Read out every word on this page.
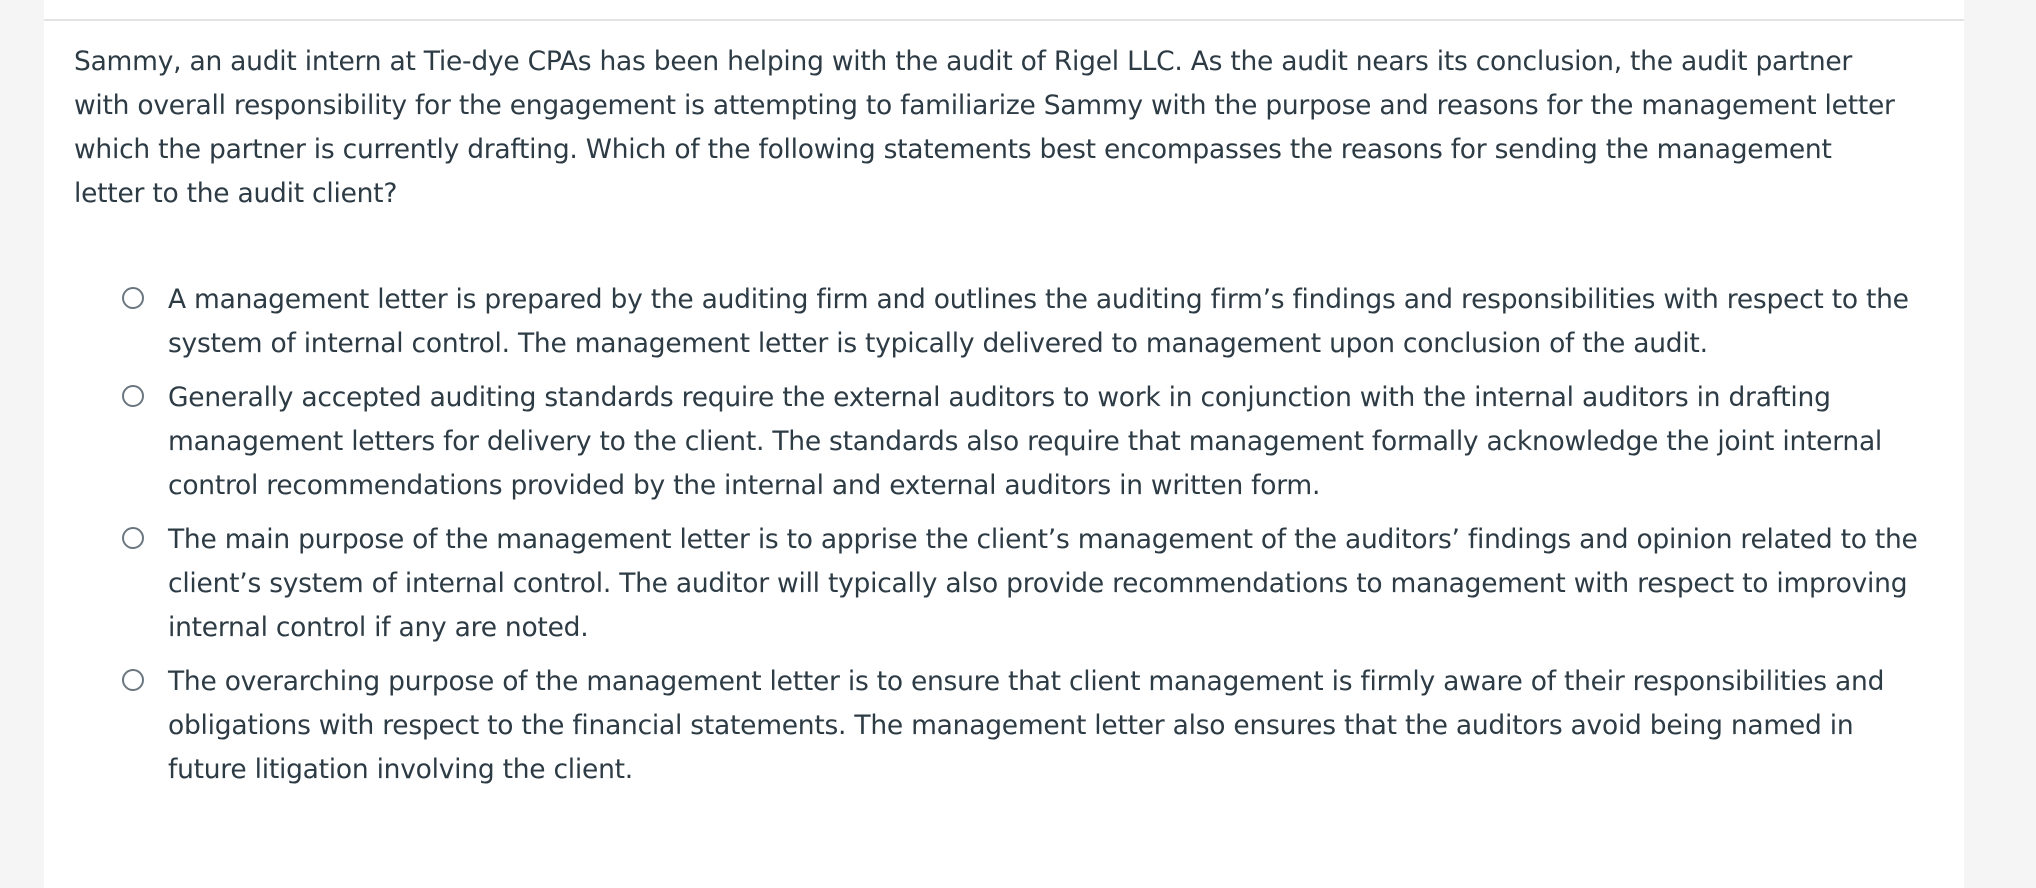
Sammy, an audit intern at Tie-dye CPAs has been helping with the audit of Rigel LLC. As the audit nears its conclusion, the audit partner with overall responsibility for the engagement is attempting to familiarize Sammy with the purpose and reasons for the management letter which the partner is currently drafting. Which of the following statements best encompasses the reasons for sending the management letter to the audit client?

A management letter is prepared by the auditing firm and outlines the auditing firm’s findings and responsibilities with respect to the system of internal control. The management letter is typically delivered to management upon conclusion of the audit.
Generally accepted auditing standards require the external auditors to work in conjunction with the internal auditors in drafting management letters for delivery to the client. The standards also require that management formally acknowledge the joint internal control recommendations provided by the internal and external auditors in written form.
The main purpose of the management letter is to apprise the client’s management of the auditors’ findings and opinion related to the client’s system of internal control. The auditor will typically also provide recommendations to management with respect to improving internal control if any are noted.
The overarching purpose of the management letter is to ensure that client management is firmly aware of their responsibilities and obligations with respect to the financial statements. The management letter also ensures that the auditors avoid being named in future litigation involving the client.
